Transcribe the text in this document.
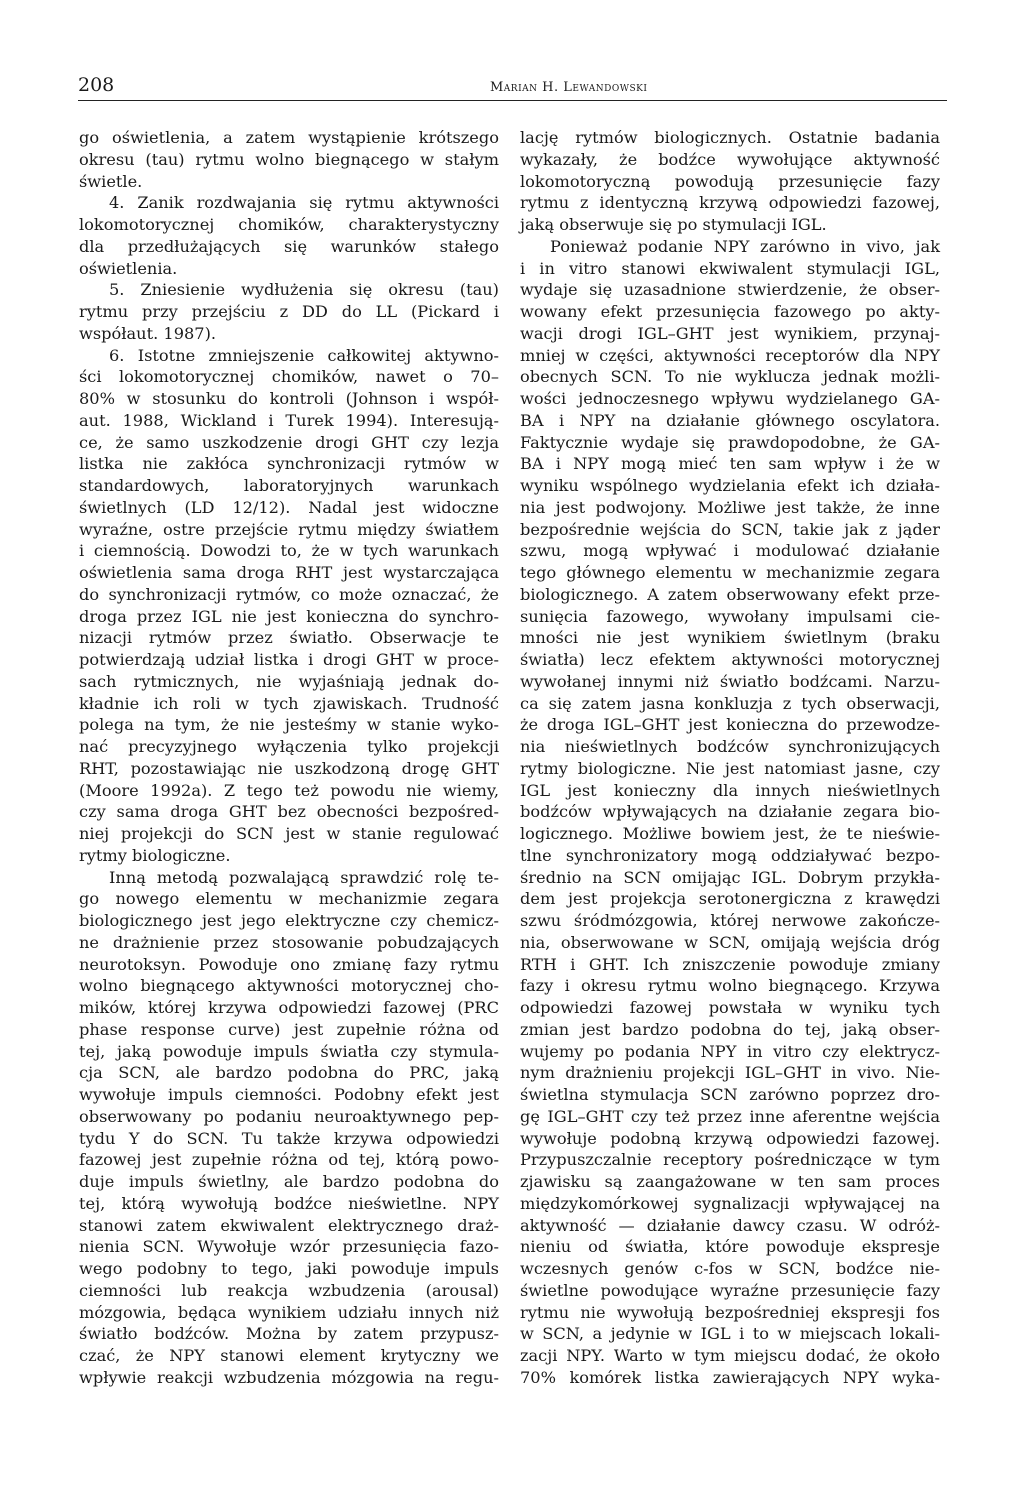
208	Marian H. Lewandowski

go oświetlenia, a zatem wystąpienie krótszego

okresu (tau) rytmu wolno biegnącego w stałym

świetle.

4. Zanik rozdwajania się rytmu aktywności

lokomotorycznej chomików, charakterystyczny

dla przedłużających się warunków stałego

oświetlenia.

5. Zniesienie wydłużenia się okresu (tau)

rytmu przy przejściu z DD do LL (Pickard i

współaut. 1987).

6. Istotne zmniejszenie całkowitej aktywno-

ści lokomotorycznej chomików, nawet o 70–

80% w stosunku do kontroli (Johnson i współ-

aut. 1988, Wickland i Turek 1994). Interesują-

ce, że samo uszkodzenie drogi GHT czy lezja

listka nie zakłóca synchronizacji rytmów w

standardowych, laboratoryjnych warunkach

świetlnych (LD 12/12). Nadal jest widoczne

wyraźne, ostre przejście rytmu między światłem

i ciemnością. Dowodzi to, że w tych warunkach

oświetlenia sama droga RHT jest wystarczająca

do synchronizacji rytmów, co może oznaczać, że

droga przez IGL nie jest konieczna do synchro-

nizacji rytmów przez światło. Obserwacje te

potwierdzają udział listka i drogi GHT w proce-

sach rytmicznych, nie wyjaśniają jednak do-

kładnie ich roli w tych zjawiskach. Trudność

polega na tym, że nie jesteśmy w stanie wyko-

nać precyzyjnego wyłączenia tylko projekcji

RHT, pozostawiając nie uszkodzoną drogę GHT

(Moore 1992a). Z tego też powodu nie wiemy,

czy sama droga GHT bez obecności bezpośred-

niej projekcji do SCN jest w stanie regulować

rytmy biologiczne.

Inną metodą pozwalającą sprawdzić rolę te-

go nowego elementu w mechanizmie zegara

biologicznego jest jego elektryczne czy chemicz-

ne drażnienie przez stosowanie pobudzających

neurotoksyn. Powoduje ono zmianę fazy rytmu

wolno biegnącego aktywności motorycznej cho-

mików, której krzywa odpowiedzi fazowej (PRC

phase response curve) jest zupełnie różna od

tej, jaką powoduje impuls światła czy stymula-

cja SCN, ale bardzo podobna do PRC, jaką

wywołuje impuls ciemności. Podobny efekt jest

obserwowany po podaniu neuroaktywnego pep-

tydu Y do SCN. Tu także krzywa odpowiedzi

fazowej jest zupełnie różna od tej, którą powo-

duje impuls świetlny, ale bardzo podobna do

tej, którą wywołują bodźce nieświetlne. NPY

stanowi zatem ekwiwalent elektrycznego draż-

nienia SCN. Wywołuje wzór przesunięcia fazo-

wego podobny to tego, jaki powoduje impuls

ciemności lub reakcja wzbudzenia (arousal)

mózgowia, będąca wynikiem udziału innych niż

światło bodźców. Można by zatem przypusz-

czać, że NPY stanowi element krytyczny we

wpływie reakcji wzbudzenia mózgowia na regu-

lację rytmów biologicznych. Ostatnie badania

wykazały, że bodźce wywołujące aktywność

lokomotoryczną powodują przesunięcie fazy

rytmu z identyczną krzywą odpowiedzi fazowej,

jaką obserwuje się po stymulacji IGL.

Ponieważ podanie NPY zarówno in vivo, jak

i in vitro stanowi ekwiwalent stymulacji IGL,

wydaje się uzasadnione stwierdzenie, że obser-

wowany efekt przesunięcia fazowego po akty-

wacji drogi IGL–GHT jest wynikiem, przynaj-

mniej w części, aktywności receptorów dla NPY

obecnych SCN. To nie wyklucza jednak możli-

wości jednoczesnego wpływu wydzielanego GA-

BA i NPY na działanie głównego oscylatora.

Faktycznie wydaje się prawdopodobne, że GA-

BA i NPY mogą mieć ten sam wpływ i że w

wyniku wspólnego wydzielania efekt ich działa-

nia jest podwojony. Możliwe jest także, że inne

bezpośrednie wejścia do SCN, takie jak z jąder

szwu, mogą wpływać i modulować działanie

tego głównego elementu w mechanizmie zegara

biologicznego. A zatem obserwowany efekt prze-

sunięcia fazowego, wywołany impulsami cie-

mności nie jest wynikiem świetlnym (braku

światła) lecz efektem aktywności motorycznej

wywołanej innymi niż światło bodźcami. Narzu-

ca się zatem jasna konkluzja z tych obserwacji,

że droga IGL–GHT jest konieczna do przewodze-

nia nieświetlnych bodźców synchronizujących

rytmy biologiczne. Nie jest natomiast jasne, czy

IGL jest konieczny dla innych nieświetlnych

bodźców wpływających na działanie zegara bio-

logicznego. Możliwe bowiem jest, że te nieświe-

tlne synchronizatory mogą oddziaływać bezpo-

średnio na SCN omijając IGL. Dobrym przykła-

dem jest projekcja serotonergiczna z krawędzi

szwu śródmózgowia, której nerwowe zakończe-

nia, obserwowane w SCN, omijają wejścia dróg

RTH i GHT. Ich zniszczenie powoduje zmiany

fazy i okresu rytmu wolno biegnącego. Krzywa

odpowiedzi fazowej powstała w wyniku tych

zmian jest bardzo podobna do tej, jaką obser-

wujemy po podania NPY in vitro czy elektrycz-

nym drażnieniu projekcji IGL–GHT in vivo. Nie-

świetlna stymulacja SCN zarówno poprzez dro-

gę IGL–GHT czy też przez inne aferentne wejścia

wywołuje podobną krzywą odpowiedzi fazowej.

Przypuszczalnie receptory pośredniczące w tym

zjawisku są zaangażowane w ten sam proces

międzykomórkowej sygnalizacji wpływającej na

aktywność — działanie dawcy czasu. W odróż-

nieniu od światła, które powoduje ekspresje

wczesnych genów c-fos w SCN, bodźce nie-

świetlne powodujące wyraźne przesunięcie fazy

rytmu nie wywołują bezpośredniej ekspresji fos

w SCN, a jedynie w IGL i to w miejscach lokali-

zacji NPY. Warto w tym miejscu dodać, że około

70% komórek listka zawierających NPY wyka-
